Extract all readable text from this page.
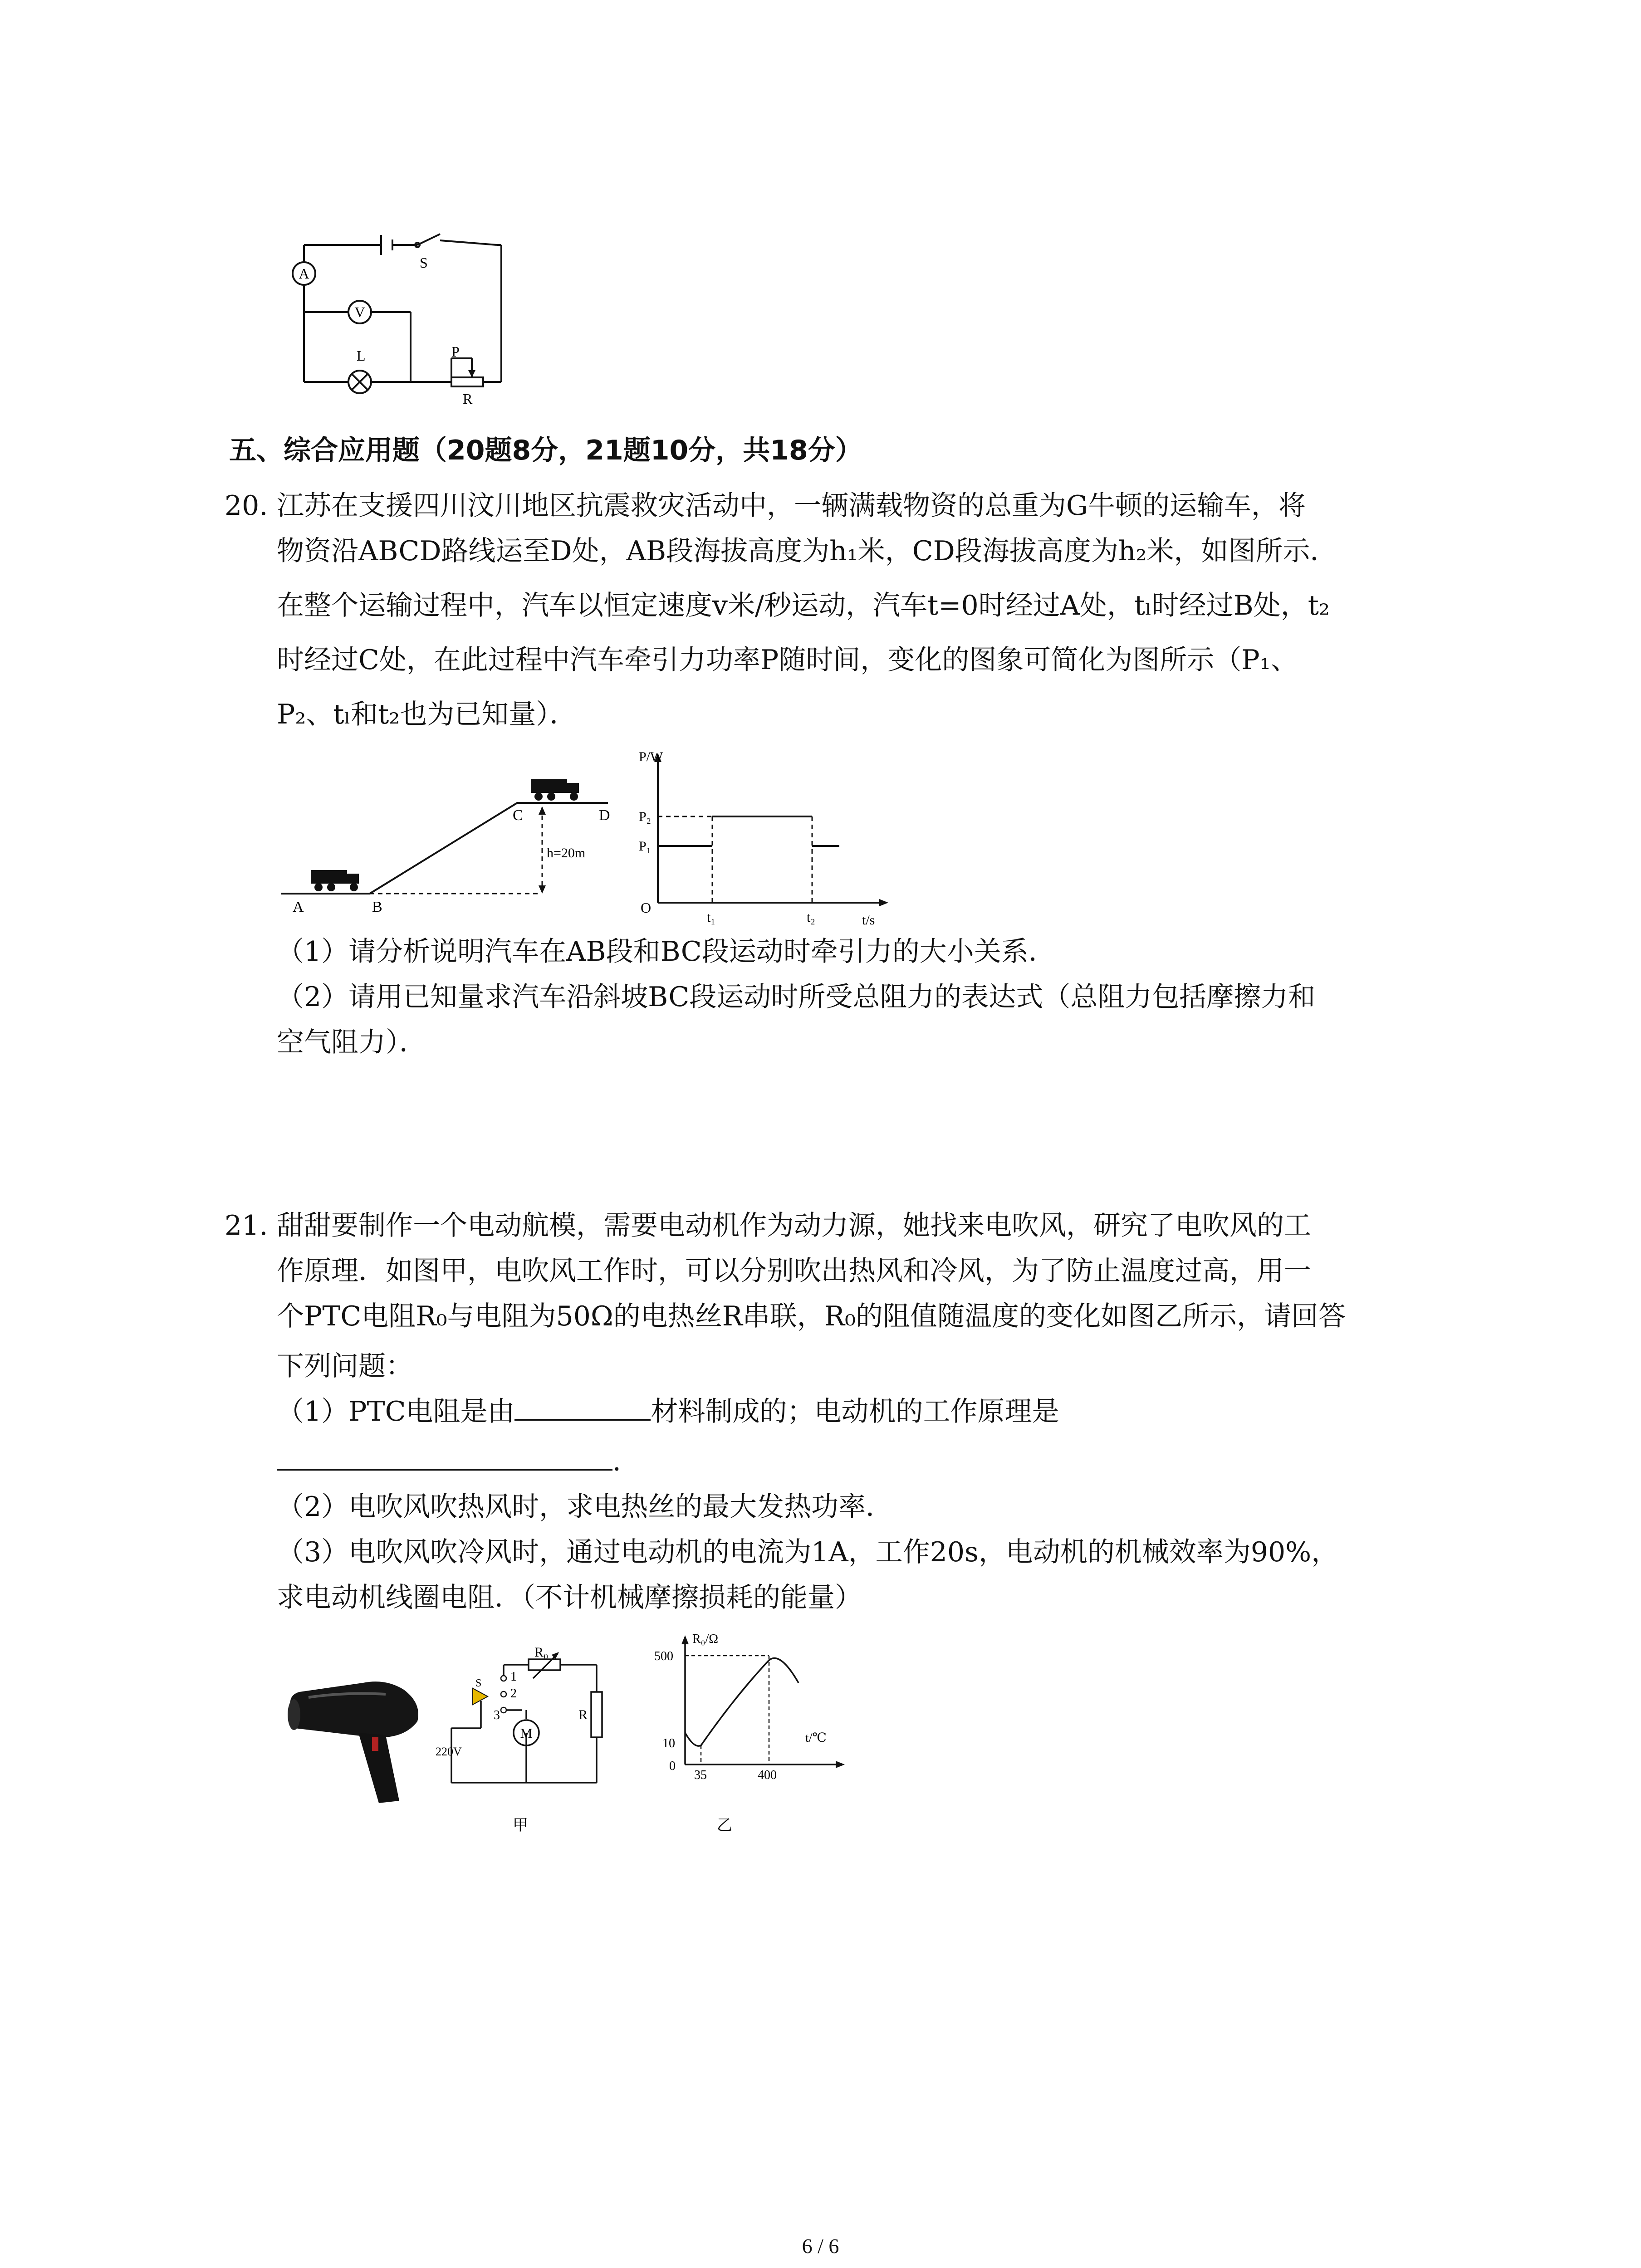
A
V
S
L	P
R
五、综合应用题（20题8分，21题10分，共18分）
20. 江苏在支援四川汶川地区抗震救灾活动中，一辆满载物资的总重为G牛顿的运输车，将
物资沿ABCD路线运至D处，AB段海拔高度为h₁米，CD段海拔高度为h₂米，如图所示．
在整个运输过程中，汽车以恒定速度v米/秒运动，汽车t=0时经过A处，tₗ时经过B处，t₂
时经过C处，在此过程中汽车牵引力功率P随时间，变化的图象可简化为图所示（P₁、
P₂、tₗ和t₂也为已知量）．
A	B
C	D
h=20m
P/W
t/s
O
P₂
P₁
t₁	t₂
（1）请分析说明汽车在AB段和BC段运动时牵引力的大小关系．
（2）请用已知量求汽车沿斜坡BC段运动时所受总阻力的表达式（总阻力包括摩擦力和
空气阻力）．
21. 甜甜要制作一个电动航模，需要电动机作为动力源，她找来电吹风，研究了电吹风的工
作原理．如图甲，电吹风工作时，可以分别吹出热风和冷风，为了防止温度过高，用一
个PTC电阻R₀与电阻为50Ω的电热丝R串联，R₀的阻值随温度的变化如图乙所示，请回答
下列问题：
（1）PTC电阻是由	材料制成的；电动机的工作原理是
．
（2）电吹风吹热风时，求电热丝的最大发热功率．
（3）电吹风吹冷风时，通过电动机的电流为1A，工作20s，电动机的机械效率为90%，
求电动机线圈电阻．（不计机械摩擦损耗的能量）
R₀
R
M
220V
S 1
2
3
甲
R₀/Ω
t/℃
500
10
0
35	400
乙
6 / 6
